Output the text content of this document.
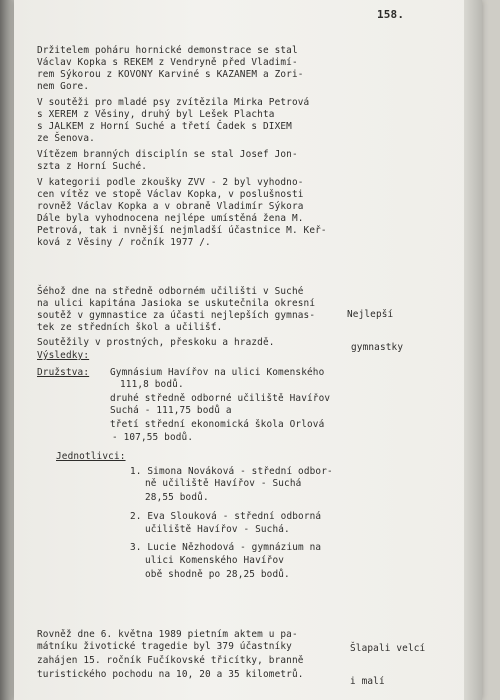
158.
Držitelem poháru hornické demonstrace se stal
Václav Kopka s REKEM z Vendryně před Vladimí-
rem Sýkorou z KOVONY Karviné s KAZANEM a Zori-
nem Gore.
V soutěži pro mladé psy zvítězila Mirka Petrová
s XEREM z Věsiny, druhý byl Lešek Plachta
s JALKEM z Horní Suché a třetí Čadek s DIXEM
ze Šenova.
Vítězem branných disciplín se stal Josef Jon-
szta z Horní Suché.
V kategorii podle zkoušky ZVV - 2 byl vyhodno-
cen vítěz ve stopě Václav Kopka, v poslušnosti
rovněž Václav Kopka a v obraně Vladimír Sýkora
Dále byla vyhodnocena nejlépe umístěná žena M.
Petrová, tak i nvnější nejmladší účastnice M. Keř-
ková z Věsiny / ročník 1977 /.
Šéhož dne na středně odborném učilišti v Suché
na ulici kapitána Jasioka se uskutečnila okresní
soutěž v gymnastice za účasti nejlepších gymnas-
tek ze středních škol a učilišť.
Soutěžily v prostných, přeskoku a hrazdě.

Nejlepší

gymnastky

Výsledky:
Družstva: Gymnásium Havířov na ulici Komenského
111,8 bodů.
druhé středně odborné učiliště Havířov
Suchá - 111,75 bodů a
třetí střední ekonomická škola Orlová
- 107,55 bodů.
Jednotlivci:
1. Simona Nováková - střední odbor-
ně učiliště Havířov - Suchá
28,55 bodů.
2. Eva Slouková - střední odborná
učiliště Havířov - Suchá.
3. Lucie Nězhodová - gymnázium na
ulici Komenského Havířov
obě shodně po 28,25 bodů.
Rovněž dne 6. května 1989 pietním aktem u pa-
mátníku životické tragedie byl 379 účastníky
zahájen 15. ročník Fučíkovské třicítky, branně
turistického pochodu na 10, 20 a 35 kilometrů.

Šlapali velcí

i malí
